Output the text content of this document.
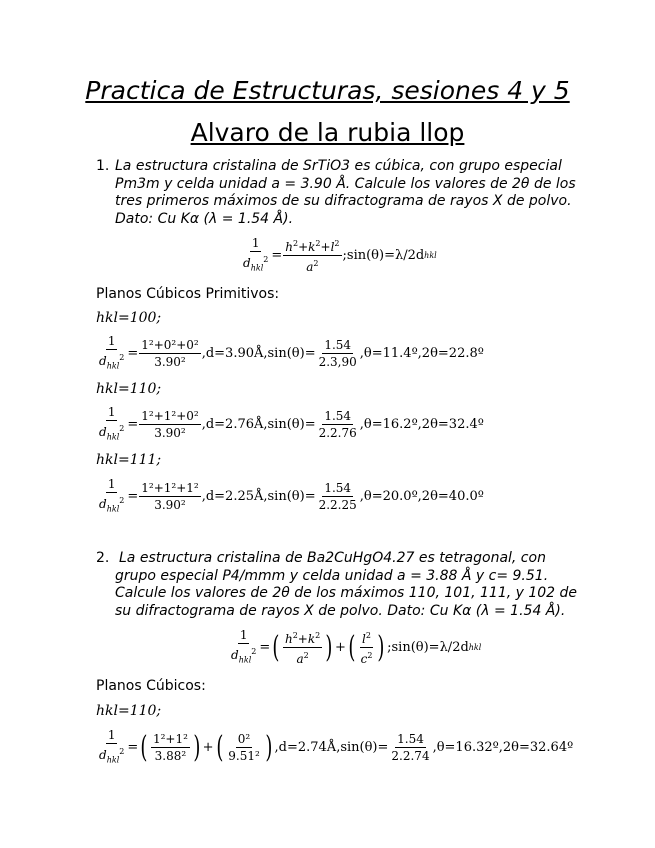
Practica de Estructuras, sesiones 4 y 5
Alvaro de la rubia llop
1. La estructura cristalina de SrTiO3 es cúbica, con grupo especial
Pm3m y celda unidad a = 3.90 Å. Calcule los valores de 2θ de los
tres primeros máximos de su difractograma de rayos X de polvo.
Dato: Cu Kα (λ = 1.54 Å).
$\frac{1}{d_{hkl}^2} = \frac{h^2+k^2+l^2}{a^2}$ ;sin(θ)=λ/2d hkl
Planos Cúbicos Primitivos:
hkl=100;
$\frac{1}{d_{hkl}^2} = \frac{\text{1²+0²+0²}}{\text{3.90²}}$ ,d=3.90Å,sin(θ)= $\frac{1.54}{2.3,90}$ ,θ=11.4º,2θ=22.8º
hkl=110;
$\frac{1}{d_{hkl}^2} = \frac{\text{1²+1²+0²}}{\text{3.90²}}$ ,d=2.76Å,sin(θ)= $\frac{1.54}{2.2.76}$ ,θ=16.2º,2θ=32.4º
hkl=111;
$\frac{1}{d_{hkl}^2} = \frac{\text{1²+1²+1²}}{\text{3.90²}}$ ,d=2.25Å,sin(θ)= $\frac{1.54}{2.2.25}$ ,θ=20.0º,2θ=40.0º
2. La estructura cristalina de Ba2CuHgO4.27 es tetragonal, con
grupo especial P4/mmm y celda unidad a = 3.88 Å y c= 9.51.
Calcule los valores de 2θ de los máximos 110, 101, 111, y 102 de
su difractograma de rayos X de polvo. Dato: Cu Kα (λ = 1.54 Å).
$\frac{1}{d_{hkl}^2}$ = ( $\frac{h^2+k^2}{a^2}$ ) + ( $\frac{l^2}{c^2}$ ) ;sin(θ)=λ/2d hkl
Planos Cúbicos:
hkl=110;
$\frac{1}{d_{hkl}^2}$ = ( $\frac{\text{1²+1²}}{\text{3.88²}}$ ) + ( $\frac{\text{0²}}{\text{9.51²}}$ ) ,d=2.74Å,sin(θ)= $\frac{1.54}{2.2.74}$ ,θ=16.32º,2θ=32.64º
